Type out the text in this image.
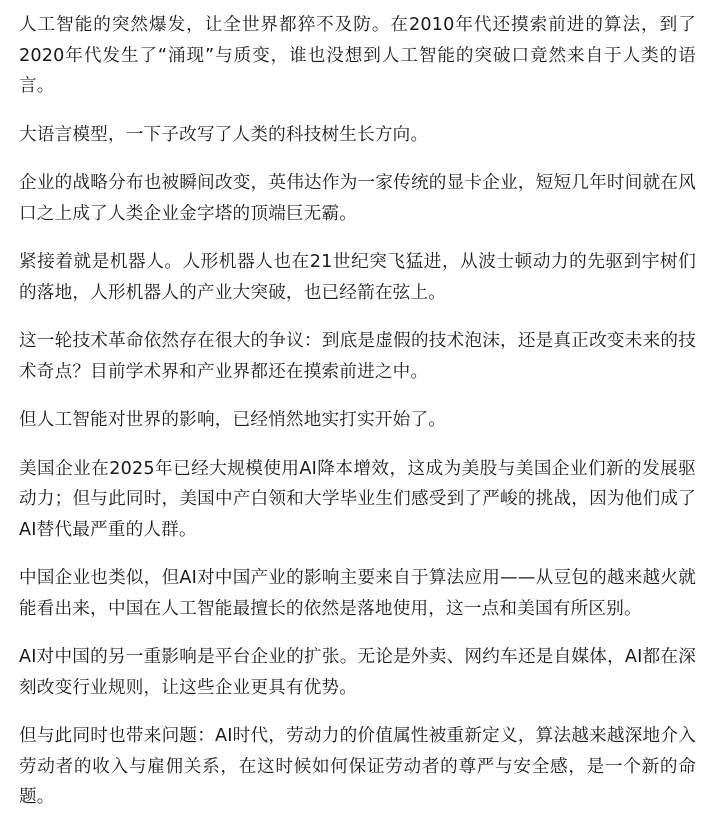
人工智能的突然爆发，让全世界都猝不及防。在2010年代还摸索前进的算法，到了2020年代发生了“涌现”与质变，谁也没想到人工智能的突破口竟然来自于人类的语言。

大语言模型，一下子改写了人类的科技树生长方向。

企业的战略分布也被瞬间改变，英伟达作为一家传统的显卡企业，短短几年时间就在风口之上成了人类企业金字塔的顶端巨无霸。

紧接着就是机器人。人形机器人也在21世纪突飞猛进，从波士顿动力的先驱到宇树们的落地，人形机器人的产业大突破，也已经箭在弦上。

这一轮技术革命依然存在很大的争议：到底是虚假的技术泡沫，还是真正改变未来的技术奇点？目前学术界和产业界都还在摸索前进之中。

但人工智能对世界的影响，已经悄然地实打实开始了。

美国企业在2025年已经大规模使用AI降本增效，这成为美股与美国企业们新的发展驱动力；但与此同时，美国中产白领和大学毕业生们感受到了严峻的挑战，因为他们成了AI替代最严重的人群。

中国企业也类似，但AI对中国产业的影响主要来自于算法应用——从豆包的越来越火就能看出来，中国在人工智能最擅长的依然是落地使用，这一点和美国有所区别。

AI对中国的另一重影响是平台企业的扩张。无论是外卖、网约车还是自媒体，AI都在深刻改变行业规则，让这些企业更具有优势。

但与此同时也带来问题：AI时代，劳动力的价值属性被重新定义，算法越来越深地介入劳动者的收入与雇佣关系，在这时候如何保证劳动者的尊严与安全感，是一个新的命题。
